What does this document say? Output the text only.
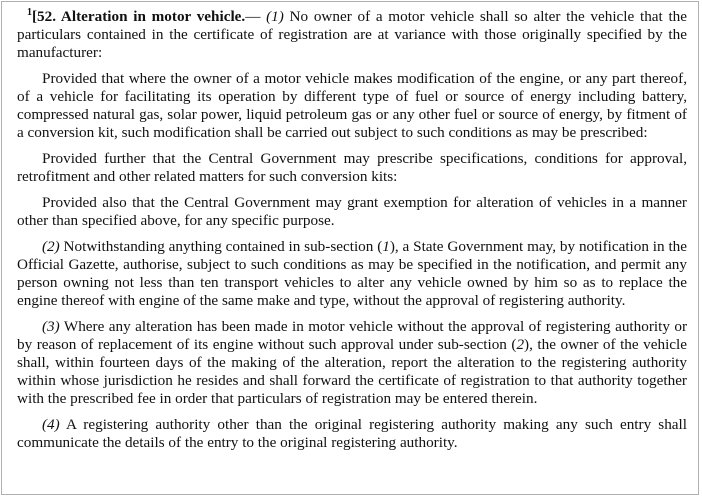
$^1$[52. Alteration in motor vehicle.— (1) No owner of a motor vehicle shall so alter the vehicle that the particulars contained in the certificate of registration are at variance with those originally specified by the manufacturer:

Provided that where the owner of a motor vehicle makes modification of the engine, or any part thereof, of a vehicle for facilitating its operation by different type of fuel or source of energy including battery, compressed natural gas, solar power, liquid petroleum gas or any other fuel or source of energy, by fitment of a conversion kit, such modification shall be carried out subject to such conditions as may be prescribed:

Provided further that the Central Government may prescribe specifications, conditions for approval, retrofitment and other related matters for such conversion kits:

Provided also that the Central Government may grant exemption for alteration of vehicles in a manner other than specified above, for any specific purpose.

(2) Notwithstanding anything contained in sub-section (1), a State Government may, by notification in the Official Gazette, authorise, subject to such conditions as may be specified in the notification, and permit any person owning not less than ten transport vehicles to alter any vehicle owned by him so as to replace the engine thereof with engine of the same make and type, without the approval of registering authority.

(3) Where any alteration has been made in motor vehicle without the approval of registering authority or by reason of replacement of its engine without such approval under sub-section (2), the owner of the vehicle shall, within fourteen days of the making of the alteration, report the alteration to the registering authority within whose jurisdiction he resides and shall forward the certificate of registration to that authority together with the prescribed fee in order that particulars of registration may be entered therein.

(4) A registering authority other than the original registering authority making any such entry shall communicate the details of the entry to the original registering authority.
